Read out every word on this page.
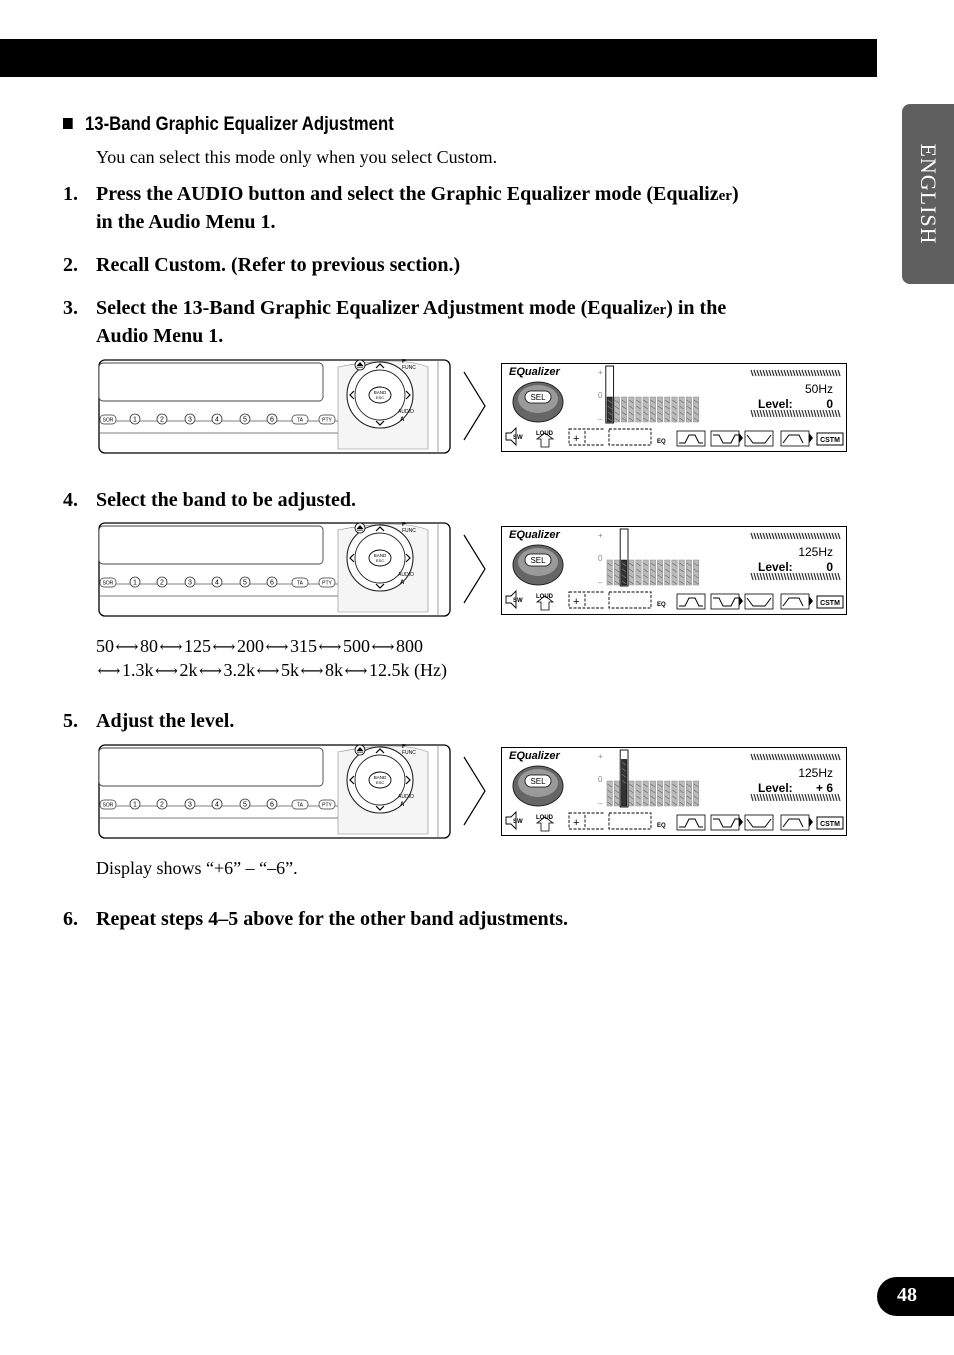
ENGLISH
48
13-Band Graphic Equalizer Adjustment
You can select this mode only when you select Custom.
1. Press the AUDIO button and select the Graphic Equalizer mode (Equalizer)
in the Audio Menu 1.
2. Recall Custom. (Refer to previous section.)
3. Select the 13-Band Graphic Equalizer Adjustment mode (Equalizer) in the
Audio Menu 1.
SOR	1	2	3	4	5	6	TA	PTY
BAND
ESC
FUNC
F
AUDIO
A
EQualizer
SEL
+
0
–
50Hz
Level:	0
SW
LOUD +	EQ	CSTM
4. Select the band to be adjusted.
SOR	1	2	3	4	5	6	TA	PTY
BAND
ESC
FUNC
F
AUDIO
A
EQualizer
SEL
+
0
–
125Hz
Level:	0
SW
LOUD +	EQ	CSTM
50⟷80⟷125⟷200⟷315⟷500⟷800
⟷1.3k⟷2k⟷3.2k⟷5k⟷8k⟷12.5k (Hz)
5. Adjust the level.
SOR	1	2	3	4	5	6	TA	PTY
BAND
ESC
FUNC
F
AUDIO
A
EQualizer
SEL
+
0
–
125Hz
Level: + 6
SW
LOUD +	EQ	CSTM
Display shows “+6” – “–6”.
6. Repeat steps 4–5 above for the other band adjustments.
